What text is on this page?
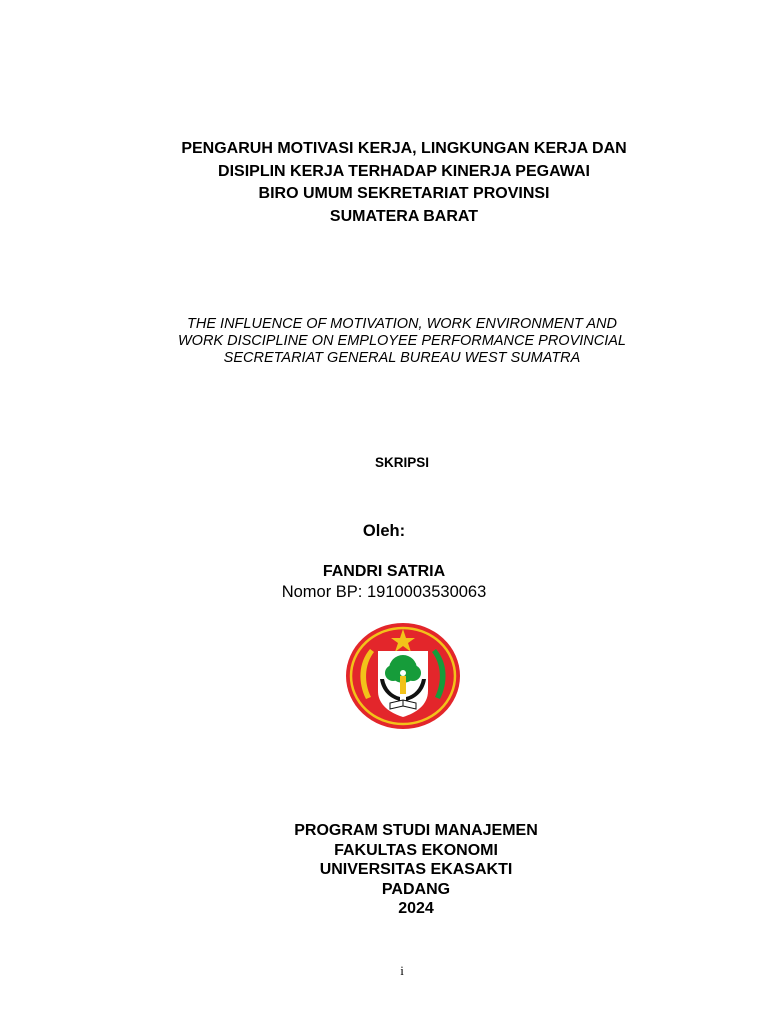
PENGARUH MOTIVASI KERJA, LINGKUNGAN KERJA DAN
DISIPLIN KERJA TERHADAP KINERJA PEGAWAI
BIRO UMUM SEKRETARIAT PROVINSI
SUMATERA BARAT
THE INFLUENCE OF MOTIVATION, WORK ENVIRONMENT AND
WORK DISCIPLINE ON EMPLOYEE PERFORMANCE PROVINCIAL
SECRETARIAT GENERAL BUREAU WEST SUMATRA
SKRIPSI
Oleh:
FANDRI SATRIA
Nomor BP: 1910003530063
PROGRAM STUDI MANAJEMEN
FAKULTAS EKONOMI
UNIVERSITAS EKASAKTI
PADANG
2024
i
